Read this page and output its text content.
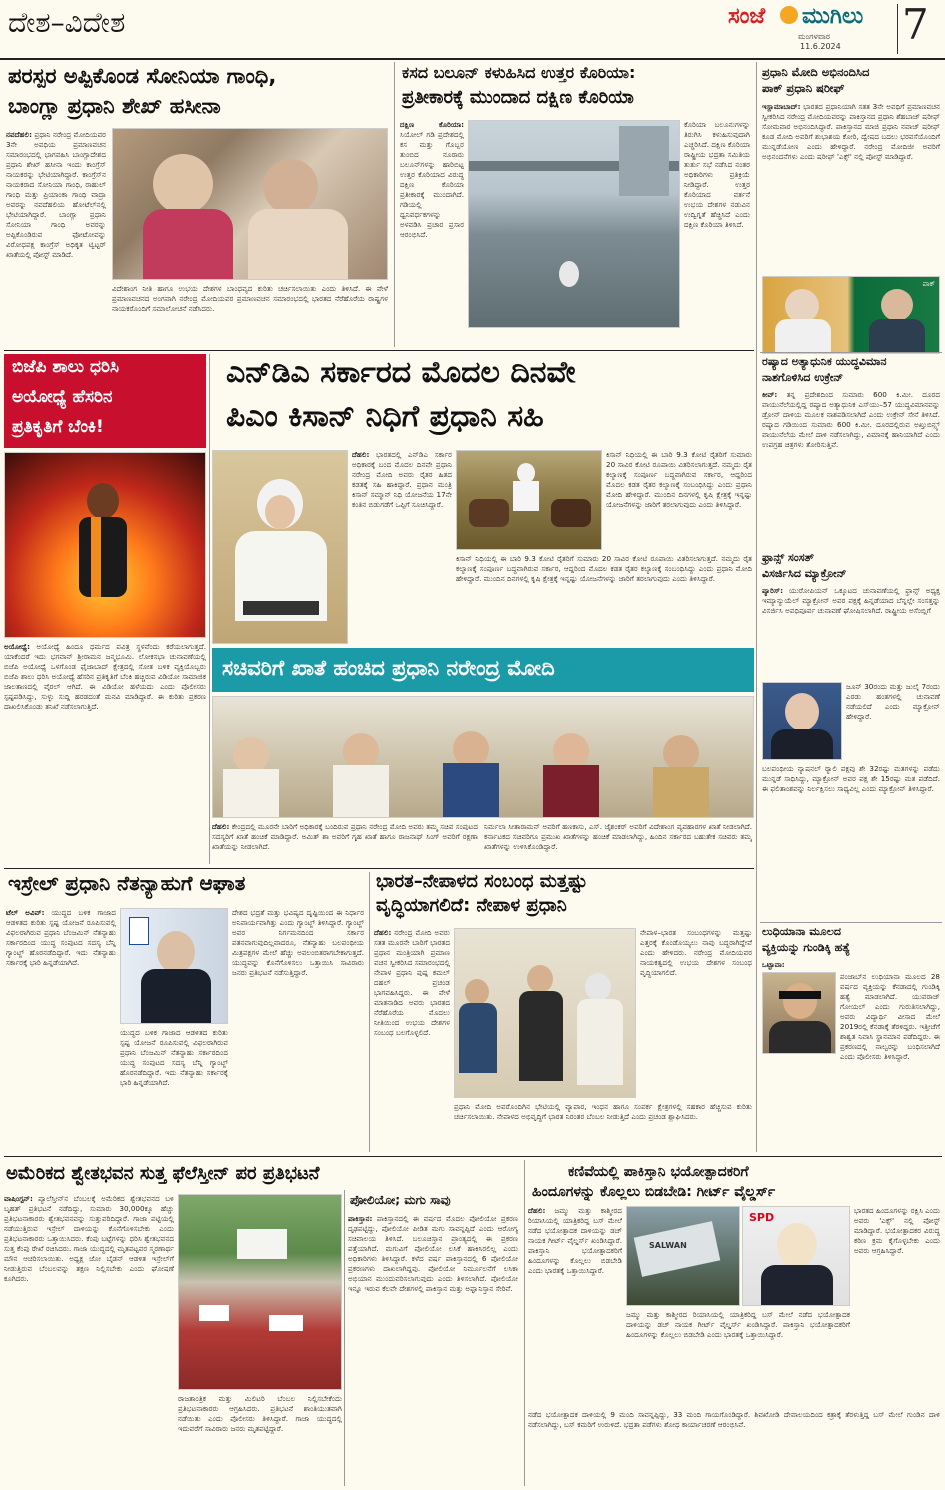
ದೇಶ–ವಿದೇಶ	ಸಂಜೆ ಮುಗಿಲು
ಮಂಗಳವಾರ
11.6.2024 7
ಪರಸ್ಪರ ಅಪ್ಪಿಕೊಂಡ ಸೋನಿಯಾ ಗಾಂಧಿ,
ಬಾಂಗ್ಲಾ ಪ್ರಧಾನಿ ಶೇಖ್ ಹಸೀನಾ
ನವದೆಹಲಿ: ಪ್ರಧಾನಿ ನರೇಂದ್ರ ಮೋದಿಯವರ 3ನೇ ಅವಧಿಯ ಪ್ರಮಾಣವಚನ ಸಮಾರಂಭದಲ್ಲಿ ಭಾಗವಹಿಸಿ ಬಾಂಗ್ಲಾದೇಶದ ಪ್ರಧಾನಿ ಶೇಖ್ ಹಸೀನಾ ಇಂದು ಕಾಂಗ್ರೆಸ್ ನಾಯಕರನ್ನು ಭೇಟಿಯಾಗಿದ್ದಾರೆ. ಕಾಂಗ್ರೆಸ್‌ನ ನಾಯಕರಾದ ಸೋನಿಯಾ ಗಾಂಧಿ, ರಾಹುಲ್ ಗಾಂಧಿ ಮತ್ತು ಪ್ರಿಯಾಂಕಾ ಗಾಂಧಿ ವಾದ್ರಾ ಅವರನ್ನು ನವದೆಹಲಿಯ ಹೋಟೆಲ್‌ನಲ್ಲಿ ಭೇಟಿಯಾಗಿದ್ದಾರೆ. ಬಾಂಗ್ಲಾ ಪ್ರಧಾನಿ ಸೋನಿಯಾ ಗಾಂಧಿ ಅವರನ್ನು ಅಪ್ಪಿಕೊಂಡಿರುವ ಫೋಟೋವನ್ನು ವಿರೋಧಪಕ್ಷ ಕಾಂಗ್ರೆಸ್ ಅಧಿಕೃತ ಟ್ವಿಟ್ಟರ್ ಖಾತೆಯಲ್ಲಿ ಪೋಸ್ಟ್ ಮಾಡಿದೆ.
ವಿದೇಶಾಂಗ ನೀತಿ ಹಾಗೂ ಉಭಯ ದೇಶಗಳ ಬಾಂಧವ್ಯದ ಕುರಿತು ಚರ್ಚಿಸಲಾಯಿತು ಎಂದು ತಿಳಿಸಿದೆ. ಈ ವೇಳೆ ಪ್ರಮಾಣವಚನದ ಅಂಗವಾಗಿ ನರೇಂದ್ರ ಮೋದಿಯವರ ಪ್ರಮಾಣವಚನ ಸಮಾರಂಭದಲ್ಲಿ ಭಾರತದ ನೆರೆಹೊರೆಯ ರಾಷ್ಟ್ರಗಳ ನಾಯಕರೊಂದಿಗೆ ಸಮಾಲೋಚನೆ ನಡೆಸಿದರು.
ಕಸದ ಬಲೂನ್ ಕಳುಹಿಸಿದ ಉತ್ತರ ಕೊರಿಯಾ:
ಪ್ರತೀಕಾರಕ್ಕೆ ಮುಂದಾದ ದಕ್ಷಿಣ ಕೊರಿಯಾ
ದಕ್ಷಿಣ ಕೊರಿಯಾ: ಸಿಯೋಲ್ ಗಡಿ ಪ್ರದೇಶದಲ್ಲಿ ಕಸ ಮತ್ತು ಗೊಬ್ಬರ ತುಂಬಿದ ನೂರಾರು ಬಲೂನ್‌ಗಳನ್ನು ಹಾರಿಬಿಟ್ಟ ಉತ್ತರ ಕೊರಿಯಾದ ವಿರುದ್ಧ ದಕ್ಷಿಣ ಕೊರಿಯಾ ಪ್ರತೀಕಾರಕ್ಕೆ ಮುಂದಾಗಿದೆ. ಗಡಿಯಲ್ಲಿ ಧ್ವನಿವರ್ಧಕಗಳನ್ನು ಅಳವಡಿಸಿ ಪ್ರಚಾರ ಪ್ರಸಾರ ಆರಂಭಿಸಿದೆ.
ಕೊರಿಯಾ ಬಲೂನುಗಳನ್ನು ತಿರುಗಿಸಿ ಕಳುಹಿಸುವುದಾಗಿ ಎಚ್ಚರಿಸಿದೆ. ದಕ್ಷಿಣ ಕೊರಿಯಾ ರಾಷ್ಟ್ರೀಯ ಭದ್ರತಾ ಸಮಿತಿಯ ತುರ್ತು ಸಭೆ ನಡೆಸಿದ ನಂತರ ಅಧಿಕಾರಿಗಳು ಪ್ರತಿಕ್ರಿಯೆ ನೀಡಿದ್ದಾರೆ. ಉತ್ತರ ಕೊರಿಯಾದ ವರ್ತನೆ ಉಭಯ ದೇಶಗಳ ನಡುವಿನ ಉದ್ವಿಗ್ನತೆ ಹೆಚ್ಚಿಸಿದೆ ಎಂದು ದಕ್ಷಿಣ ಕೊರಿಯಾ ತಿಳಿಸಿದೆ.
ಪ್ರಧಾನಿ ಮೋದಿ ಅಭಿನಂದಿಸಿದ
ಪಾಕ್ ಪ್ರಧಾನಿ ಷರೀಫ್
ಇಸ್ಲಾಮಾಬಾದ್: ಭಾರತದ ಪ್ರಧಾನಿಯಾಗಿ ಸತತ 3ನೇ ಅವಧಿಗೆ ಪ್ರಮಾಣವಚನ ಸ್ವೀಕರಿಸಿದ ನರೇಂದ್ರ ಮೋದಿಯವರನ್ನು ಪಾಕಿಸ್ತಾನದ ಪ್ರಧಾನಿ ಶೆಹಬಾಜ್ ಷರೀಫ್ ಸೋಮವಾರ ಅಭಿನಂದಿಸಿದ್ದಾರೆ. ಪಾಕಿಸ್ತಾನದ ಮಾಜಿ ಪ್ರಧಾನಿ ನವಾಜ್ ಷರೀಫ್ ಕೂಡ ಮೋದಿ ಅವರಿಗೆ ಶುಭಾಶಯ ಕೋರಿ, ದ್ವೇಷದ ಬದಲು ಭರವಸೆಯೊಂದಿಗೆ ಮುನ್ನಡೆಯೋಣ ಎಂದು ಹೇಳಿದ್ದಾರೆ. ನರೇಂದ್ರ ಮೋದಿಜೀ ಅವರಿಗೆ ಅಭಿನಂದನೆಗಳು ಎಂದು ಷರೀಫ್ 'ಎಕ್ಸ್' ನಲ್ಲಿ ಪೋಸ್ಟ್ ಮಾಡಿದ್ದಾರೆ.
ಪಾಕ್
ರಷ್ಯಾದ ಅತ್ಯಾಧುನಿಕ ಯುದ್ಧವಿಮಾನ
ನಾಶಗೊಳಿಸಿದ ಉಕ್ರೇನ್
ಕೀವ್: ತನ್ನ ಪ್ರದೇಶದಿಂದ ಸುಮಾರು 600 ಕಿ.ಮೀ. ದೂರದ ವಾಯುನೆಲೆಯಲ್ಲಿದ್ದ ರಷ್ಯಾದ ಅತ್ಯಾಧುನಿಕ ಎಸ್‌ಯು–57 ಯುದ್ಧವಿಮಾನವನ್ನು ಡ್ರೋನ್ ದಾಳಿಯ ಮೂಲಕ ನಾಶಪಡಿಸಲಾಗಿದೆ ಎಂದು ಉಕ್ರೇನ್ ಸೇನೆ ತಿಳಿಸಿದೆ. ರಷ್ಯಾದ ಗಡಿಯಿಂದ ಸುಮಾರು 600 ಕಿ.ಮೀ. ದೂರದಲ್ಲಿರುವ ಅಖ್ತುಬಿನ್ಸ್ಕ್ ವಾಯುನೆಲೆಯ ಮೇಲೆ ದಾಳಿ ನಡೆಸಲಾಗಿದ್ದು, ವಿಮಾನಕ್ಕೆ ಹಾನಿಯಾಗಿದೆ ಎಂದು ಉಪಗ್ರಹ ಚಿತ್ರಗಳು ತೋರಿಸುತ್ತಿವೆ.
ಫ್ರಾನ್ಸ್ ಸಂಸತ್
ವಿಸರ್ಜಿಸಿದ ಮ್ಯಾಕ್ರೋನ್
ಪ್ಯಾರಿಸ್: ಯುರೋಪಿಯನ್ ಒಕ್ಕೂಟದ ಚುನಾವಣೆಯಲ್ಲಿ ಫ್ರಾನ್ಸ್ ಅಧ್ಯಕ್ಷ ಇಮ್ಯಾನ್ಯುಯೆಲ್ ಮ್ಯಾಕ್ರೋನ್ ಅವರ ಪಕ್ಷಕ್ಕೆ ಹಿನ್ನಡೆಯಾದ ಬೆನ್ನಲ್ಲೇ ಸಂಸತ್ತನ್ನು ವಿಸರ್ಜಿಸಿ ಅವಧಿಪೂರ್ವ ಚುನಾವಣೆ ಘೋಷಿಸಲಾಗಿದೆ. ರಾಷ್ಟ್ರೀಯ ಅಸೆಂಬ್ಲಿಗೆ
ಜೂನ್ 30ರಂದು ಮತ್ತು ಜುಲೈ 7ರಂದು ಎರಡು ಹಂತಗಳಲ್ಲಿ ಚುನಾವಣೆ ನಡೆಯಲಿದೆ ಎಂದು ಮ್ಯಾಕ್ರೋನ್ ಹೇಳಿದ್ದಾರೆ.
ಬಲಪಂಥೀಯ ನ್ಯಾಷನಲ್ ರ‍್ಯಾಲಿ ಪಕ್ಷವು ಶೇ 32ರಷ್ಟು ಮತಗಳನ್ನು ಪಡೆದು ಮುನ್ನಡೆ ಸಾಧಿಸಿದ್ದು, ಮ್ಯಾಕ್ರೋನ್ ಅವರ ಪಕ್ಷ ಶೇ 15ರಷ್ಟು ಮತ ಪಡೆದಿದೆ. ಈ ಫಲಿತಾಂಶವನ್ನು ನಿರ್ಲಕ್ಷಿಸಲು ಸಾಧ್ಯವಿಲ್ಲ ಎಂದು ಮ್ಯಾಕ್ರೋನ್ ತಿಳಿಸಿದ್ದಾರೆ.
ಲುಧಿಯಾನಾ ಮೂಲದ
ವ್ಯಕ್ತಿಯನ್ನು ಗುಂಡಿಕ್ಕಿ ಹತ್ಯೆ
ಒಟ್ಟಾವಾ:
ಪಂಜಾಬ್‌ನ ಲುಧಿಯಾನಾ ಮೂಲದ 28 ವರ್ಷದ ವ್ಯಕ್ತಿಯನ್ನು ಕೆನಡಾದಲ್ಲಿ ಗುಂಡಿಕ್ಕಿ ಹತ್ಯೆ ಮಾಡಲಾಗಿದೆ. ಯುವರಾಜ್ ಗೋಯಲ್ ಎಂದು ಗುರುತಿಸಲಾಗಿದ್ದು, ಅವರು ವಿದ್ಯಾರ್ಥಿ ವೀಸಾದ ಮೇಲೆ 2019ರಲ್ಲಿ ಕೆನಡಾಕ್ಕೆ ತೆರಳಿದ್ದರು. ಇತ್ತೀಚೆಗೆ ಶಾಶ್ವತ ನಿವಾಸಿ ಸ್ಥಾನಮಾನ ಪಡೆದಿದ್ದರು. ಈ ಪ್ರಕರಣದಲ್ಲಿ ನಾಲ್ವರನ್ನು ಬಂಧಿಸಲಾಗಿದೆ ಎಂದು ಪೊಲೀಸರು ತಿಳಿಸಿದ್ದಾರೆ.
ಬಿಜೆಪಿ ಶಾಲು ಧರಿಸಿ
ಅಯೋಧ್ಯೆ ಹೆಸರಿನ
ಪ್ರತಿಕೃತಿಗೆ ಬೆಂಕಿ!
ಅಯೋಧ್ಯೆ: ಅಯೋಧ್ಯೆ ಹಿಂದೂ ಧರ್ಮದ ಪವಿತ್ರ ಸ್ಥಳವೆಂದು ಕರೆಯಲಾಗುತ್ತದೆ. ಯಾಕೆಂದರೆ ಇದು ಭಗವಾನ್ ಶ್ರೀರಾಮನ ಜನ್ಮಭೂಮಿ. ಲೋಕಸಭಾ ಚುನಾವಣೆಯಲ್ಲಿ ಬಿಜೆಪಿ ಅಯೋಧ್ಯೆ ಒಳಗೊಂಡ ಫೈಜಾಬಾದ್ ಕ್ಷೇತ್ರದಲ್ಲಿ ಸೋತ ಬಳಿಕ ವ್ಯಕ್ತಿಯೊಬ್ಬರು ಬಿಜೆಪಿ ಶಾಲು ಧರಿಸಿ ಅಯೋಧ್ಯೆ ಹೆಸರಿನ ಪ್ರತಿಕೃತಿಗೆ ಬೆಂಕಿ ಹಚ್ಚಿರುವ ವಿಡಿಯೋ ಸಾಮಾಜಿಕ ಜಾಲತಾಣದಲ್ಲಿ ವೈರಲ್ ಆಗಿದೆ. ಈ ವಿಡಿಯೋ ಹಳೆಯದು ಎಂದು ಪೊಲೀಸರು ಸ್ಪಷ್ಟಪಡಿಸಿದ್ದು, ಸುಳ್ಳು ಸುದ್ದಿ ಹರಡದಂತೆ ಮನವಿ ಮಾಡಿದ್ದಾರೆ. ಈ ಕುರಿತು ಪ್ರಕರಣ ದಾಖಲಿಸಿಕೊಂಡು ತನಿಖೆ ನಡೆಸಲಾಗುತ್ತಿದೆ.
ಎನ್‌ಡಿಎ ಸರ್ಕಾರದ ಮೊದಲ ದಿನವೇ
ಪಿಎಂ ಕಿಸಾನ್ ನಿಧಿಗೆ ಪ್ರಧಾನಿ ಸಹಿ
ದೆಹಲಿ: ಭಾರತದಲ್ಲಿ ಎನ್‌ಡಿಎ ಸರ್ಕಾರ ಅಧಿಕಾರಕ್ಕೆ ಬಂದ ಮೊದಲ ದಿನವೇ ಪ್ರಧಾನಿ ನರೇಂದ್ರ ಮೋದಿ ಅವರು ರೈತರ ಹಿತದ ಕಡತಕ್ಕೆ ಸಹಿ ಹಾಕಿದ್ದಾರೆ. ಪ್ರಧಾನ ಮಂತ್ರಿ ಕಿಸಾನ್ ಸಮ್ಮಾನ್ ನಿಧಿ ಯೋಜನೆಯ 17ನೇ ಕಂತಿನ ಬಿಡುಗಡೆಗೆ ಒಪ್ಪಿಗೆ ಸೂಚಿಸಿದ್ದಾರೆ.
ಕಿಸಾನ್ ನಿಧಿಯಲ್ಲಿ ಈ ಬಾರಿ 9.3 ಕೋಟಿ ರೈತರಿಗೆ ಸುಮಾರು 20 ಸಾವಿರ ಕೋಟಿ ರೂಪಾಯಿ ವಿತರಿಸಲಾಗುತ್ತದೆ. ನಮ್ಮದು ರೈತ ಕಲ್ಯಾಣಕ್ಕೆ ಸಂಪೂರ್ಣ ಬದ್ಧವಾಗಿರುವ ಸರ್ಕಾರ, ಆದ್ದರಿಂದ ಮೊದಲ ಕಡತ ರೈತರ ಕಲ್ಯಾಣಕ್ಕೆ ಸಂಬಂಧಿಸಿದ್ದು ಎಂದು ಪ್ರಧಾನಿ ಮೋದಿ ಹೇಳಿದ್ದಾರೆ. ಮುಂದಿನ ದಿನಗಳಲ್ಲಿ ಕೃಷಿ ಕ್ಷೇತ್ರಕ್ಕೆ ಇನ್ನಷ್ಟು ಯೋಜನೆಗಳನ್ನು ಜಾರಿಗೆ ತರಲಾಗುವುದು ಎಂದು ತಿಳಿಸಿದ್ದಾರೆ.
ಕಿಸಾನ್ ನಿಧಿಯಲ್ಲಿ ಈ ಬಾರಿ 9.3 ಕೋಟಿ ರೈತರಿಗೆ ಸುಮಾರು 20 ಸಾವಿರ ಕೋಟಿ ರೂಪಾಯಿ ವಿತರಿಸಲಾಗುತ್ತದೆ. ನಮ್ಮದು ರೈತ ಕಲ್ಯಾಣಕ್ಕೆ ಸಂಪೂರ್ಣ ಬದ್ಧವಾಗಿರುವ ಸರ್ಕಾರ, ಆದ್ದರಿಂದ ಮೊದಲ ಕಡತ ರೈತರ ಕಲ್ಯಾಣಕ್ಕೆ ಸಂಬಂಧಿಸಿದ್ದು ಎಂದು ಪ್ರಧಾನಿ ಮೋದಿ ಹೇಳಿದ್ದಾರೆ. ಮುಂದಿನ ದಿನಗಳಲ್ಲಿ ಕೃಷಿ ಕ್ಷೇತ್ರಕ್ಕೆ ಇನ್ನಷ್ಟು ಯೋಜನೆಗಳನ್ನು ಜಾರಿಗೆ ತರಲಾಗುವುದು ಎಂದು ತಿಳಿಸಿದ್ದಾರೆ.
ಸಚಿವರಿಗೆ ಖಾತೆ ಹಂಚಿದ ಪ್ರಧಾನಿ ನರೇಂದ್ರ ಮೋದಿ
ದೆಹಲಿ: ಕೇಂದ್ರದಲ್ಲಿ ಮೂರನೇ ಬಾರಿಗೆ ಅಧಿಕಾರಕ್ಕೆ ಬಂದಿರುವ ಪ್ರಧಾನಿ ನರೇಂದ್ರ ಮೋದಿ ಅವರು ತಮ್ಮ ಸಚಿವ ಸಂಪುಟದ ಸದಸ್ಯರಿಗೆ ಖಾತೆ ಹಂಚಿಕೆ ಮಾಡಿದ್ದಾರೆ. ಅಮಿತ್ ಶಾ ಅವರಿಗೆ ಗೃಹ ಖಾತೆ ಹಾಗೂ ರಾಜನಾಥ್ ಸಿಂಗ್ ಅವರಿಗೆ ರಕ್ಷಣಾ ಖಾತೆಯನ್ನು ನೀಡಲಾಗಿದೆ.
ನಿರ್ಮಲಾ ಸೀತಾರಾಮನ್ ಅವರಿಗೆ ಹಣಕಾಸು, ಎಸ್. ಜೈಶಂಕರ್ ಅವರಿಗೆ ವಿದೇಶಾಂಗ ವ್ಯವಹಾರಗಳ ಖಾತೆ ನೀಡಲಾಗಿದೆ. ಕರ್ನಾಟಕದ ಸಚಿವರಿಗೂ ಪ್ರಮುಖ ಖಾತೆಗಳನ್ನು ಹಂಚಿಕೆ ಮಾಡಲಾಗಿದ್ದು, ಹಿಂದಿನ ಸರ್ಕಾರದ ಬಹುತೇಕ ಸಚಿವರು ತಮ್ಮ ಖಾತೆಗಳನ್ನು ಉಳಿಸಿಕೊಂಡಿದ್ದಾರೆ.
ಇಸ್ರೇಲ್ ಪ್ರಧಾನಿ ನೆತನ್ಯಾಹುಗೆ ಆಘಾತ
ಟೆಲ್ ಅವಿವ್: ಯುದ್ಧದ ಬಳಿಕ ಗಾಜಾದ ಆಡಳಿತದ ಕುರಿತು ಸ್ಪಷ್ಟ ಯೋಜನೆ ರೂಪಿಸುವಲ್ಲಿ ವಿಫಲರಾಗಿರುವ ಪ್ರಧಾನಿ ಬೆಂಜಮಿನ್ ನೆತನ್ಯಾಹು ಸರ್ಕಾರದಿಂದ ಯುದ್ಧ ಸಂಪುಟದ ಸದಸ್ಯ ಬೆನ್ನಿ ಗ್ಯಾಂಟ್ಜ್ ಹೊರನಡೆದಿದ್ದಾರೆ. ಇದು ನೆತನ್ಯಾಹು ಸರ್ಕಾರಕ್ಕೆ ಭಾರಿ ಹಿನ್ನಡೆಯಾಗಿದೆ.
ದೇಶದ ಭದ್ರತೆ ಮತ್ತು ಭವಿಷ್ಯದ ದೃಷ್ಟಿಯಿಂದ ಈ ನಿರ್ಧಾರ ಅನಿವಾರ್ಯವಾಗಿತ್ತು ಎಂದು ಗ್ಯಾಂಟ್ಜ್ ತಿಳಿಸಿದ್ದಾರೆ. ಗ್ಯಾಂಟ್ಜ್ ಅವರ ನಿರ್ಗಮನದಿಂದ ಸರ್ಕಾರ ಪತನವಾಗುವುದಿಲ್ಲವಾದರೂ, ನೆತನ್ಯಾಹು ಬಲಪಂಥೀಯ ಮಿತ್ರಪಕ್ಷಗಳ ಮೇಲೆ ಹೆಚ್ಚು ಅವಲಂಬಿತರಾಗಬೇಕಾಗುತ್ತದೆ. ಯುದ್ಧವನ್ನು ಕೊನೆಗೊಳಿಸಲು ಒತ್ತಾಯಿಸಿ ಸಾವಿರಾರು ಜನರು ಪ್ರತಿಭಟನೆ ನಡೆಸುತ್ತಿದ್ದಾರೆ.
ಯುದ್ಧದ ಬಳಿಕ ಗಾಜಾದ ಆಡಳಿತದ ಕುರಿತು ಸ್ಪಷ್ಟ ಯೋಜನೆ ರೂಪಿಸುವಲ್ಲಿ ವಿಫಲರಾಗಿರುವ ಪ್ರಧಾನಿ ಬೆಂಜಮಿನ್ ನೆತನ್ಯಾಹು ಸರ್ಕಾರದಿಂದ ಯುದ್ಧ ಸಂಪುಟದ ಸದಸ್ಯ ಬೆನ್ನಿ ಗ್ಯಾಂಟ್ಜ್ ಹೊರನಡೆದಿದ್ದಾರೆ. ಇದು ನೆತನ್ಯಾಹು ಸರ್ಕಾರಕ್ಕೆ ಭಾರಿ ಹಿನ್ನಡೆಯಾಗಿದೆ.
ಭಾರತ–ನೇಪಾಳದ ಸಂಬಂಧ ಮತ್ತಷ್ಟು
ವೃದ್ಧಿಯಾಗಲಿದೆ: ನೇಪಾಳ ಪ್ರಧಾನಿ
ದೆಹಲಿ: ನರೇಂದ್ರ ಮೋದಿ ಅವರು ಸತತ ಮೂರನೇ ಬಾರಿಗೆ ಭಾರತದ ಪ್ರಧಾನ ಮಂತ್ರಿಯಾಗಿ ಪ್ರಮಾಣ ವಚನ ಸ್ವೀಕರಿಸಿದ ಸಮಾರಂಭದಲ್ಲಿ ನೇಪಾಳ ಪ್ರಧಾನಿ ಪುಷ್ಪ ಕಮಲ್ ದಹಲ್ ಪ್ರಚಂಡ ಭಾಗವಹಿಸಿದ್ದರು. ಈ ವೇಳೆ ಮಾತನಾಡಿದ ಅವರು ಭಾರತದ ನೆರೆಹೊರೆಯ ಮೊದಲು ನೀತಿಯಿಂದ ಉಭಯ ದೇಶಗಳ ಸಂಬಂಧ ಬಲಗೊಳ್ಳಲಿದೆ.
ನೇಪಾಳ–ಭಾರತ ಸಂಬಂಧಗಳನ್ನು ಮತ್ತಷ್ಟು ಎತ್ತರಕ್ಕೆ ಕೊಂಡೊಯ್ಯಲು ನಾವು ಬದ್ಧರಾಗಿದ್ದೇವೆ ಎಂದು ಹೇಳಿದರು. ನರೇಂದ್ರ ಮೋದಿಯವರ ನಾಯಕತ್ವದಲ್ಲಿ ಉಭಯ ದೇಶಗಳ ಸಂಬಂಧ ವೃದ್ಧಿಯಾಗಲಿದೆ.
ಪ್ರಧಾನಿ ಮೋದಿ ಅವರೊಂದಿಗಿನ ಭೇಟಿಯಲ್ಲಿ ವ್ಯಾಪಾರ, ಇಂಧನ ಹಾಗೂ ಸಂಪರ್ಕ ಕ್ಷೇತ್ರಗಳಲ್ಲಿ ಸಹಕಾರ ಹೆಚ್ಚಿಸುವ ಕುರಿತು ಚರ್ಚಿಸಲಾಯಿತು. ನೇಪಾಳದ ಅಭಿವೃದ್ಧಿಗೆ ಭಾರತ ನಿರಂತರ ಬೆಂಬಲ ನೀಡುತ್ತಿದೆ ಎಂದು ಪ್ರಚಂಡ ಶ್ಲಾಘಿಸಿದರು.
ಅಮೆರಿಕದ ಶ್ವೇತಭವನ ಸುತ್ತ ಫೆಲೆಸ್ತೀನ್ ಪರ ಪ್ರತಿಭಟನೆ
ವಾಷಿಂಗ್ಟನ್: ಪ್ಯಾಲೆಸ್ತೀನ್‌ನ ಬೆಂಬಲಕ್ಕೆ ಅಮೆರಿಕದ ಶ್ವೇತಭವನದ ಬಳಿ ಬೃಹತ್ ಪ್ರತಿಭಟನೆ ನಡೆದಿದ್ದು, ಸುಮಾರು 30,000ಕ್ಕೂ ಹೆಚ್ಚು ಪ್ರತಿಭಟನಾಕಾರರು ಶ್ವೇತಭವನವನ್ನು ಸುತ್ತುವರಿದಿದ್ದಾರೆ. ಗಾಜಾ ಪಟ್ಟಿಯಲ್ಲಿ ನಡೆಯುತ್ತಿರುವ ಇಸ್ರೇಲ್ ದಾಳಿಯನ್ನು ಕೊನೆಗೊಳಿಸಬೇಕು ಎಂದು ಪ್ರತಿಭಟನಾಕಾರರು ಒತ್ತಾಯಿಸಿದರು. ಕೆಂಪು ಬಟ್ಟೆಗಳನ್ನು ಧರಿಸಿ ಶ್ವೇತಭವನದ ಸುತ್ತ ಕೆಂಪು ರೇಖೆ ರಚಿಸಿದರು. ಗಾಜಾ ಯುದ್ಧದಲ್ಲಿ ಮೃತಪಟ್ಟವರ ಸ್ಮರಣಾರ್ಥ ಮೌನ ಆಚರಿಸಲಾಯಿತು. ಅಧ್ಯಕ್ಷ ಜೋ ಬೈಡನ್ ಆಡಳಿತ ಇಸ್ರೇಲ್‌ಗೆ ನೀಡುತ್ತಿರುವ ಬೆಂಬಲವನ್ನು ತಕ್ಷಣ ನಿಲ್ಲಿಸಬೇಕು ಎಂದು ಘೋಷಣೆ ಕೂಗಿದರು.
ರಾಜತಾಂತ್ರಿಕ ಮತ್ತು ಮಿಲಿಟರಿ ಬೆಂಬಲ ನಿಲ್ಲಿಸಬೇಕೆಂದು ಪ್ರತಿಭಟನಾಕಾರರು ಆಗ್ರಹಿಸಿದರು. ಪ್ರತಿಭಟನೆ ಶಾಂತಿಯುತವಾಗಿ ನಡೆಯಿತು ಎಂದು ಪೊಲೀಸರು ತಿಳಿಸಿದ್ದಾರೆ. ಗಾಜಾ ಯುದ್ಧದಲ್ಲಿ ಇದುವರೆಗೆ ಸಾವಿರಾರು ಜನರು ಮೃತಪಟ್ಟಿದ್ದಾರೆ.
ಪೋಲಿಯೋ; ಮಗು ಸಾವು
ಪಾಕಿಸ್ತಾನ: ಪಾಕಿಸ್ತಾನದಲ್ಲಿ ಈ ವರ್ಷದ ಮೊದಲ ಪೋಲಿಯೋ ಪ್ರಕರಣ ದೃಢಪಟ್ಟಿದ್ದು, ಪೋಲಿಯೋ ಪೀಡಿತ ಮಗು ಸಾವನ್ನಪ್ಪಿದೆ ಎಂದು ಆರೋಗ್ಯ ಸಚಿವಾಲಯ ತಿಳಿಸಿದೆ. ಬಲೂಚಿಸ್ತಾನ ಪ್ರಾಂತ್ಯದಲ್ಲಿ ಈ ಪ್ರಕರಣ ಪತ್ತೆಯಾಗಿದೆ. ಮಗುವಿಗೆ ಪೋಲಿಯೋ ಲಸಿಕೆ ಹಾಕಿಸಿರಲಿಲ್ಲ ಎಂದು ಅಧಿಕಾರಿಗಳು ತಿಳಿಸಿದ್ದಾರೆ. ಕಳೆದ ವರ್ಷ ಪಾಕಿಸ್ತಾನದಲ್ಲಿ 6 ಪೋಲಿಯೋ ಪ್ರಕರಣಗಳು ದಾಖಲಾಗಿದ್ದವು. ಪೋಲಿಯೋ ನಿರ್ಮೂಲನೆಗೆ ಲಸಿಕಾ ಅಭಿಯಾನ ಮುಂದುವರಿಸಲಾಗುವುದು ಎಂದು ತಿಳಿಸಲಾಗಿದೆ. ಪೋಲಿಯೋ ಇನ್ನೂ ಇರುವ ಕೆಲವೇ ದೇಶಗಳಲ್ಲಿ ಪಾಕಿಸ್ತಾನ ಮತ್ತು ಅಫ್ಘಾನಿಸ್ತಾನ ಸೇರಿವೆ.
ಕಣಿವೆಯಲ್ಲಿ ಪಾಕಿಸ್ತಾನಿ ಭಯೋತ್ಪಾದಕರಿಗೆ
ಹಿಂದೂಗಳನ್ನು ಕೊಲ್ಲಲು ಬಿಡಬೇಡಿ: ಗೀರ್ಟ್ ವೈಲ್ಡರ್ಸ್
ದೆಹಲಿ: ಜಮ್ಮು ಮತ್ತು ಕಾಶ್ಮೀರದ ರಿಯಾಸಿಯಲ್ಲಿ ಯಾತ್ರಿಕರಿದ್ದ ಬಸ್ ಮೇಲೆ ನಡೆದ ಭಯೋತ್ಪಾದಕ ದಾಳಿಯನ್ನು ಡಚ್ ನಾಯಕ ಗೀರ್ಟ್ ವೈಲ್ಡರ್ಸ್ ಖಂಡಿಸಿದ್ದಾರೆ. ಪಾಕಿಸ್ತಾನಿ ಭಯೋತ್ಪಾದಕರಿಗೆ ಹಿಂದೂಗಳನ್ನು ಕೊಲ್ಲಲು ಬಿಡಬೇಡಿ ಎಂದು ಭಾರತಕ್ಕೆ ಒತ್ತಾಯಿಸಿದ್ದಾರೆ.
SALWAN
SPD
ಭಾರತದ ಹಿಂದೂಗಳನ್ನು ರಕ್ಷಿಸಿ ಎಂದು ಅವರು 'ಎಕ್ಸ್' ನಲ್ಲಿ ಪೋಸ್ಟ್ ಮಾಡಿದ್ದಾರೆ. ಭಯೋತ್ಪಾದಕರ ವಿರುದ್ಧ ಕಠಿಣ ಕ್ರಮ ಕೈಗೊಳ್ಳಬೇಕು ಎಂದು ಅವರು ಆಗ್ರಹಿಸಿದ್ದಾರೆ.
ಜಮ್ಮು ಮತ್ತು ಕಾಶ್ಮೀರದ ರಿಯಾಸಿಯಲ್ಲಿ ಯಾತ್ರಿಕರಿದ್ದ ಬಸ್ ಮೇಲೆ ನಡೆದ ಭಯೋತ್ಪಾದಕ ದಾಳಿಯನ್ನು ಡಚ್ ನಾಯಕ ಗೀರ್ಟ್ ವೈಲ್ಡರ್ಸ್ ಖಂಡಿಸಿದ್ದಾರೆ. ಪಾಕಿಸ್ತಾನಿ ಭಯೋತ್ಪಾದಕರಿಗೆ ಹಿಂದೂಗಳನ್ನು ಕೊಲ್ಲಲು ಬಿಡಬೇಡಿ ಎಂದು ಭಾರತಕ್ಕೆ ಒತ್ತಾಯಿಸಿದ್ದಾರೆ.
ನಡೆದ ಭಯೋತ್ಪಾದಕ ದಾಳಿಯಲ್ಲಿ 9 ಮಂದಿ ಸಾವನ್ನಪ್ಪಿದ್ದು, 33 ಮಂದಿ ಗಾಯಗೊಂಡಿದ್ದಾರೆ. ಶಿವಖೋಡಿ ದೇವಾಲಯದಿಂದ ಕತ್ರಾಕ್ಕೆ ತೆರಳುತ್ತಿದ್ದ ಬಸ್ ಮೇಲೆ ಗುಂಡಿನ ದಾಳಿ ನಡೆಸಲಾಗಿದ್ದು, ಬಸ್ ಕಮರಿಗೆ ಉರುಳಿದೆ. ಭದ್ರತಾ ಪಡೆಗಳು ಶೋಧ ಕಾರ್ಯಾಚರಣೆ ಆರಂಭಿಸಿವೆ.
